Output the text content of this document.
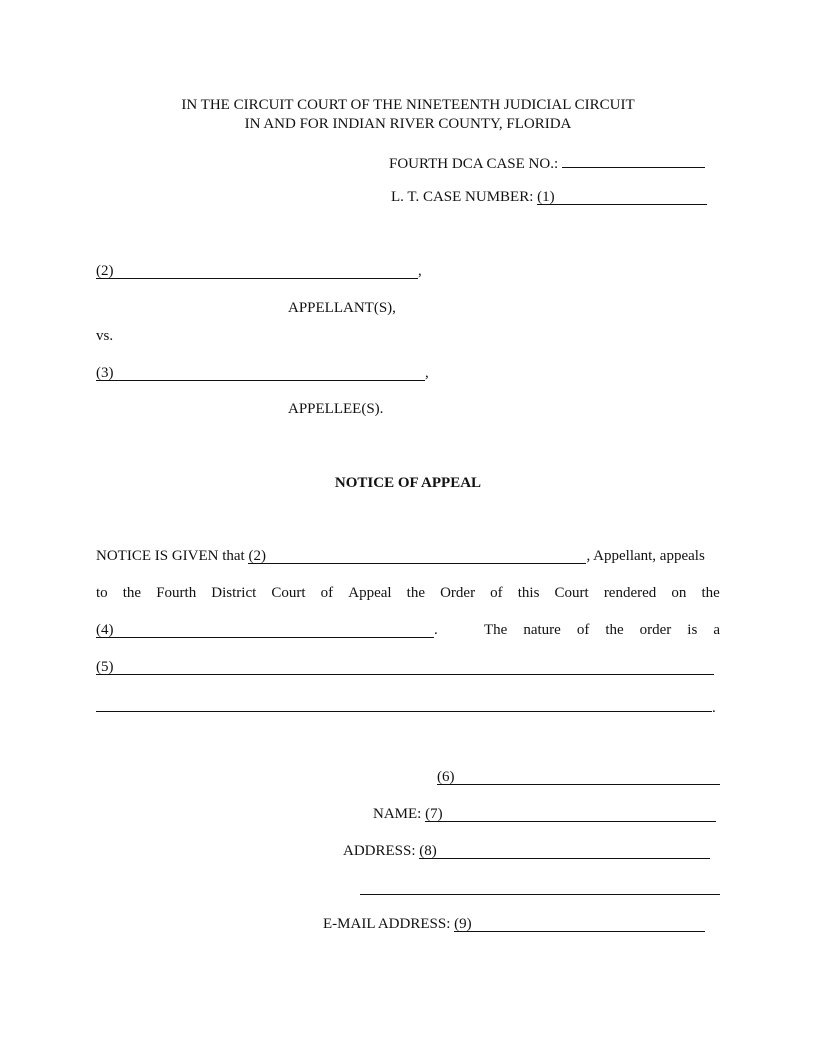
IN THE CIRCUIT COURT OF THE NINETEENTH JUDICIAL CIRCUIT
IN AND FOR INDIAN RIVER COUNTY, FLORIDA
FOURTH DCA CASE NO.:
L. T. CASE NUMBER: (1)
(2)	,
APPELLANT(S),
vs.
(3)	,
APPELLEE(S).
NOTICE OF APPEAL
NOTICE IS GIVEN that (2)	, Appellant, appeals
to the Fourth District Court of Appeal the Order of this Court rendered on the
(4)	.	The nature of the order is a
(5)
.
(6)
NAME: (7)
ADDRESS: (8)
E-MAIL ADDRESS: (9)
